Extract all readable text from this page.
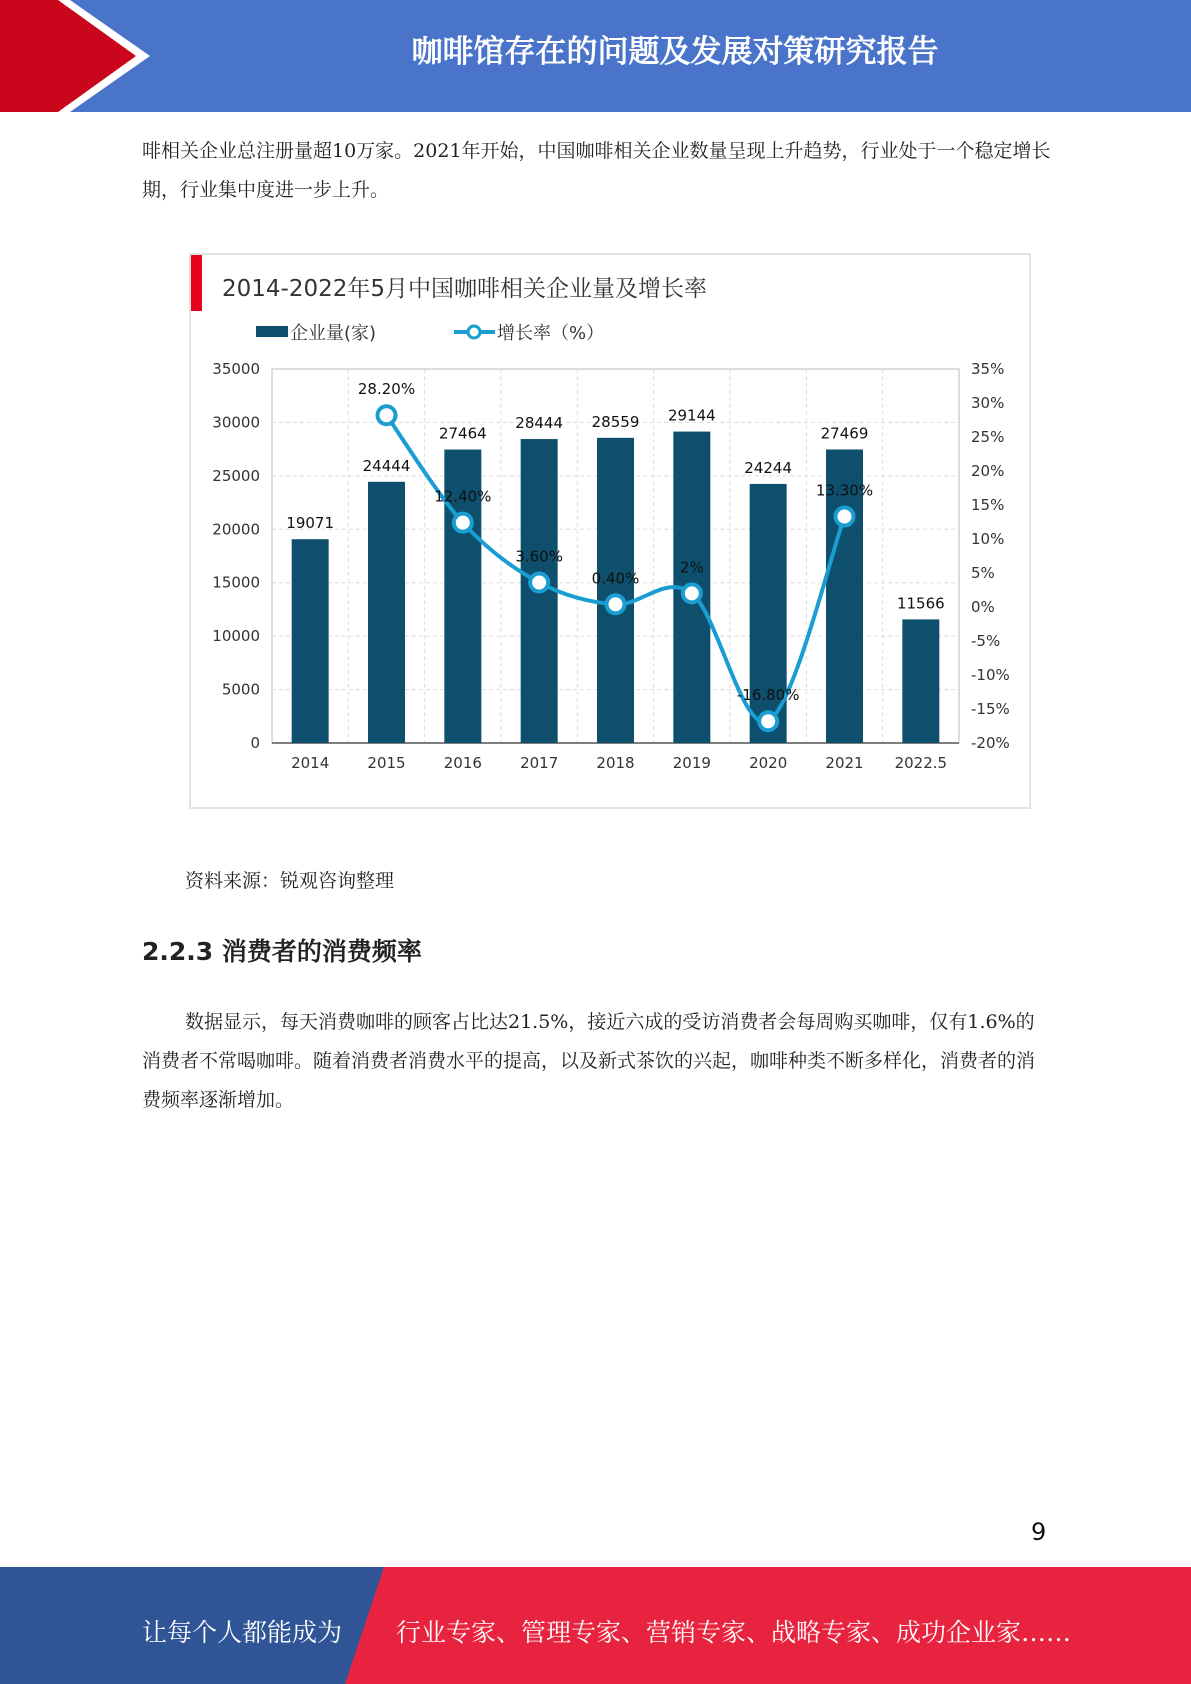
咖啡馆存在的问题及发展对策研究报告

啡相关企业总注册量超10万家。2021年开始，中国咖啡相关企业数量呈现上升趋势，行业处于一个稳定增长期，行业集中度进一步上升。

2014-2022年5月中国咖啡相关企业量及增长率
企业量(家)	增长率（%）
0
5000
10000
15000
20000
25000
30000
35000
-20%
-15%
-10%
-5%
0%
5%
10%
15%
20%
25%
30%
35%
19071
24444
27464
28444 28559 29144
24244
27469
11566
2014	2015	2016	2017	2018	2019	2020	2021 2022.5
28.20%
12.40%
3.60%
0.40%
2%
-16.80%
13.30%
资料来源：锐观咨询整理
2.2.3 消费者的消费频率

数据显示，每天消费咖啡的顾客占比达21.5%，接近六成的受访消费者会每周购买咖啡，仅有1.6%的消费者不常喝咖啡。随着消费者消费水平的提高，以及新式茶饮的兴起，咖啡种类不断多样化，消费者的消费频率逐渐增加。

9
让每个人都能成为 行业专家、管理专家、营销专家、战略专家、成功企业家……
